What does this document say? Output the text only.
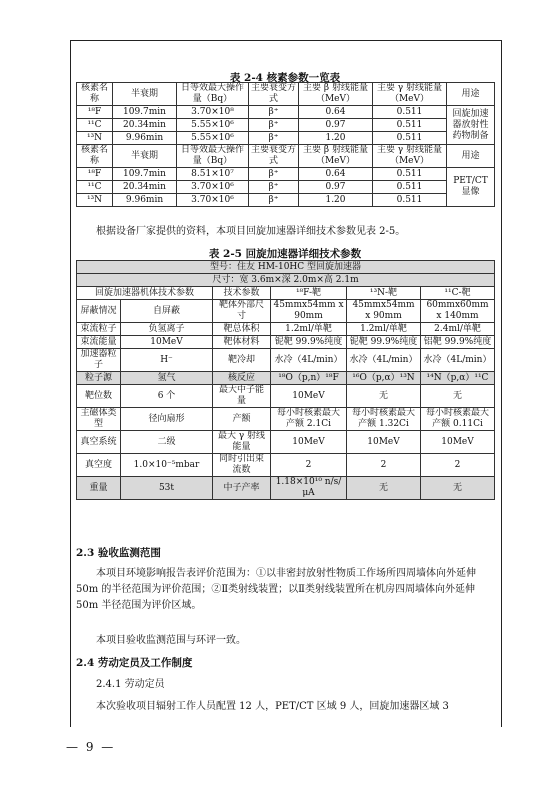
表 2-4 核素参数一览表
核素名称	半衰期	日等效最大操作量（Bq）	主要衰变方式	主要 β 射线能量（MeV）	主要 γ 射线能量（MeV）	用途
¹⁸F	109.7min	3.70×10⁸	β⁺	0.64	0.511	回旋加速器放射性药物制备
¹¹C	20.34min	5.55×10⁶	β⁺	0.97	0.511	
¹³N	9.96min	5.55×10⁶	β⁺	1.20	0.511	
核素名称	半衰期	日等效最大操作量（Bq）	主要衰变方式	主要 β 射线能量（MeV）	主要 γ 射线能量（MeV）	用途
¹⁸F	109.7min	8.51×10⁷	β⁺	0.64	0.511	PET/CT显像
¹¹C	20.34min	3.70×10⁶	β⁺	0.97	0.511	
¹³N	9.96min	3.70×10⁶	β⁺	1.20	0.511	
根据设备厂家提供的资料，本项目回旋加速器详细技术参数见表 2-5。
表 2-5 回旋加速器详细技术参数
型号：住友 HM-10HC 型回旋加速器					
尺寸：宽 3.6m×深 2.0m×高 2.1m					
回旋加速器机体技术参数		技术参数	¹⁸F-靶	¹³N-靶	¹¹C-靶
屏蔽情况	自屏蔽	靶体外部尺寸	45mmx54mm x 90mm	45mmx54mm x 90mm	60mmx60mm x 140mm
束流粒子	负氢离子	靶总体积	1.2ml/单靶	1.2ml/单靶	2.4ml/单靶
束流能量	10MeV	靶体材料	铌靶 99.9%纯度	铌靶 99.9%纯度	铝靶 99.9%纯度
加速器粒子	H⁻	靶冷却	水冷（4L/min）	水冷（4L/min）	水冷（4L/min）
粒子源	氢气	核反应	¹⁸O（p,n）¹⁸F	¹⁶O（p,α）¹³N	¹⁴N（p,α）¹¹C
靶位数	6 个	最大中子能量	10MeV	无	无
主磁体类型	径向扇形	产额	每小时核素最大产额 2.1Ci	每小时核素最大产额 1.32Ci	每小时核素最大产额 0.11Ci
真空系统	二级	最大 γ 射线能量	10MeV	10MeV	10MeV
真空度	1.0×10⁻⁵mbar	同时引出束流数	2	2	2
重量	53t	中子产率	1.18×10¹⁰ n/s/μA	无	无
2.3 验收监测范围
本项目环境影响报告表评价范围为：①以非密封放射性物质工作场所四周墙体向外延伸 50m 的半径范围为评价范围；②Ⅱ类射线装置；以Ⅱ类射线装置所在机房四周墙体向外延伸 50m 半径范围为评价区域。
本项目验收监测范围与环评一致。
2.4 劳动定员及工作制度
2.4.1 劳动定员
本次验收项目辐射工作人员配置 12 人，PET/CT 区域 9 人，回旋加速器区域 3
— 9 —
